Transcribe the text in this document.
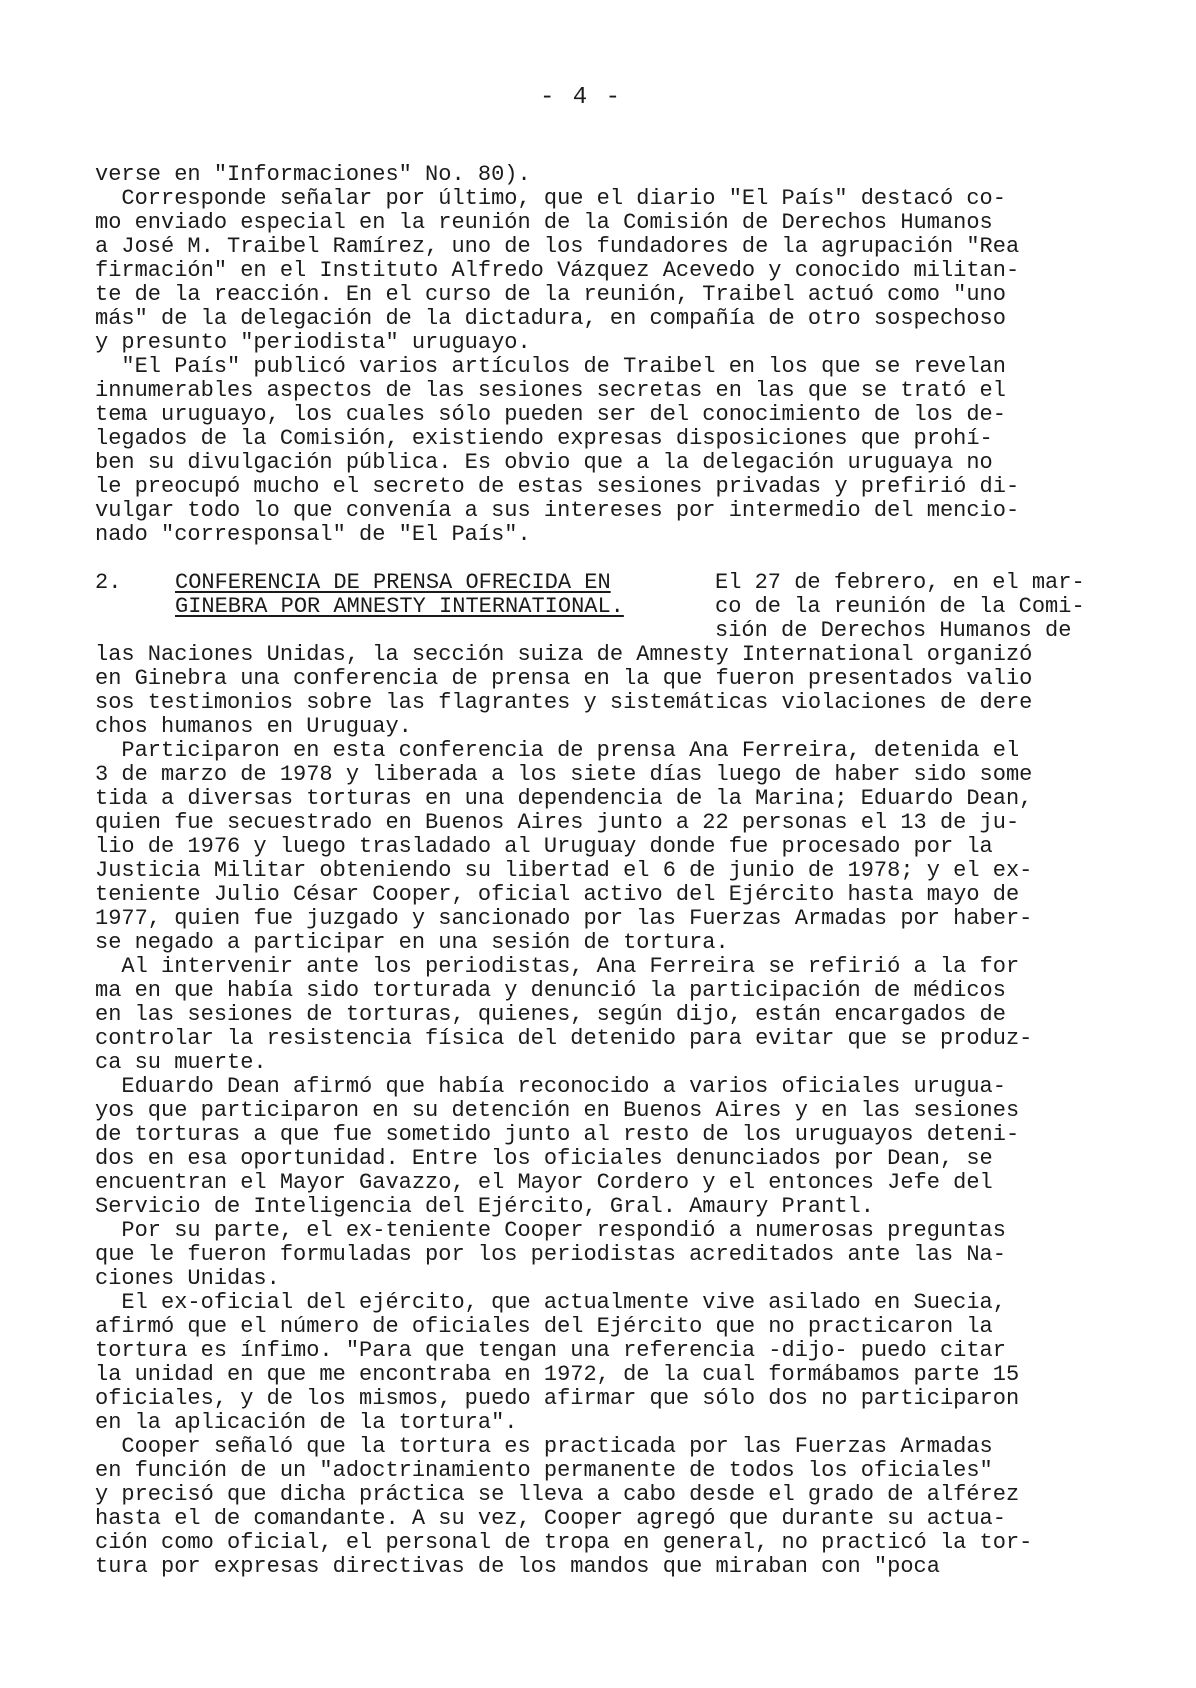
- 4 -
verse en "Informaciones" No. 80).
Corresponde señalar por último, que el diario "El País" destacó co-
mo enviado especial en la reunión de la Comisión de Derechos Humanos
a José M. Traibel Ramírez, uno de los fundadores de la agrupación "Rea
firmación" en el Instituto Alfredo Vázquez Acevedo y conocido militan-
te de la reacción. En el curso de la reunión, Traibel actuó como "uno
más" de la delegación de la dictadura, en compañía de otro sospechoso
y presunto "periodista" uruguayo.
"El País" publicó varios artículos de Traibel en los que se revelan
innumerables aspectos de las sesiones secretas en las que se trató el
tema uruguayo, los cuales sólo pueden ser del conocimiento de los de-
legados de la Comisión, existiendo expresas disposiciones que prohí-
ben su divulgación pública. Es obvio que a la delegación uruguaya no
le preocupó mucho el secreto de estas sesiones privadas y prefirió di-
vulgar todo lo que convenía a sus intereses por intermedio del mencio-
nado "corresponsal" de "El País".
2. CONFERENCIA DE PRENSA OFRECIDA EN
GINEBRA POR AMNESTY INTERNATIONAL.
El 27 de febrero, en el mar-
co de la reunión de la Comi-
sión de Derechos Humanos de
las Naciones Unidas, la sección suiza de Amnesty International organizó
en Ginebra una conferencia de prensa en la que fueron presentados valio
sos testimonios sobre las flagrantes y sistemáticas violaciones de dere
chos humanos en Uruguay.
Participaron en esta conferencia de prensa Ana Ferreira, detenida el
3 de marzo de 1978 y liberada a los siete días luego de haber sido some
tida a diversas torturas en una dependencia de la Marina; Eduardo Dean,
quien fue secuestrado en Buenos Aires junto a 22 personas el 13 de ju-
lio de 1976 y luego trasladado al Uruguay donde fue procesado por la
Justicia Militar obteniendo su libertad el 6 de junio de 1978; y el ex-
teniente Julio César Cooper, oficial activo del Ejército hasta mayo de
1977, quien fue juzgado y sancionado por las Fuerzas Armadas por haber-
se negado a participar en una sesión de tortura.
Al intervenir ante los periodistas, Ana Ferreira se refirió a la for
ma en que había sido torturada y denunció la participación de médicos
en las sesiones de torturas, quienes, según dijo, están encargados de
controlar la resistencia física del detenido para evitar que se produz-
ca su muerte.
Eduardo Dean afirmó que había reconocido a varios oficiales urugua-
yos que participaron en su detención en Buenos Aires y en las sesiones
de torturas a que fue sometido junto al resto de los uruguayos deteni-
dos en esa oportunidad. Entre los oficiales denunciados por Dean, se
encuentran el Mayor Gavazzo, el Mayor Cordero y el entonces Jefe del
Servicio de Inteligencia del Ejército, Gral. Amaury Prantl.
Por su parte, el ex-teniente Cooper respondió a numerosas preguntas
que le fueron formuladas por los periodistas acreditados ante las Na-
ciones Unidas.
El ex-oficial del ejército, que actualmente vive asilado en Suecia,
afirmó que el número de oficiales del Ejército que no practicaron la
tortura es ínfimo. "Para que tengan una referencia -dijo- puedo citar
la unidad en que me encontraba en 1972, de la cual formábamos parte 15
oficiales, y de los mismos, puedo afirmar que sólo dos no participaron
en la aplicación de la tortura".
Cooper señaló que la tortura es practicada por las Fuerzas Armadas
en función de un "adoctrinamiento permanente de todos los oficiales"
y precisó que dicha práctica se lleva a cabo desde el grado de alférez
hasta el de comandante. A su vez, Cooper agregó que durante su actua-
ción como oficial, el personal de tropa en general, no practicó la tor-
tura por expresas directivas de los mandos que miraban con "poca
